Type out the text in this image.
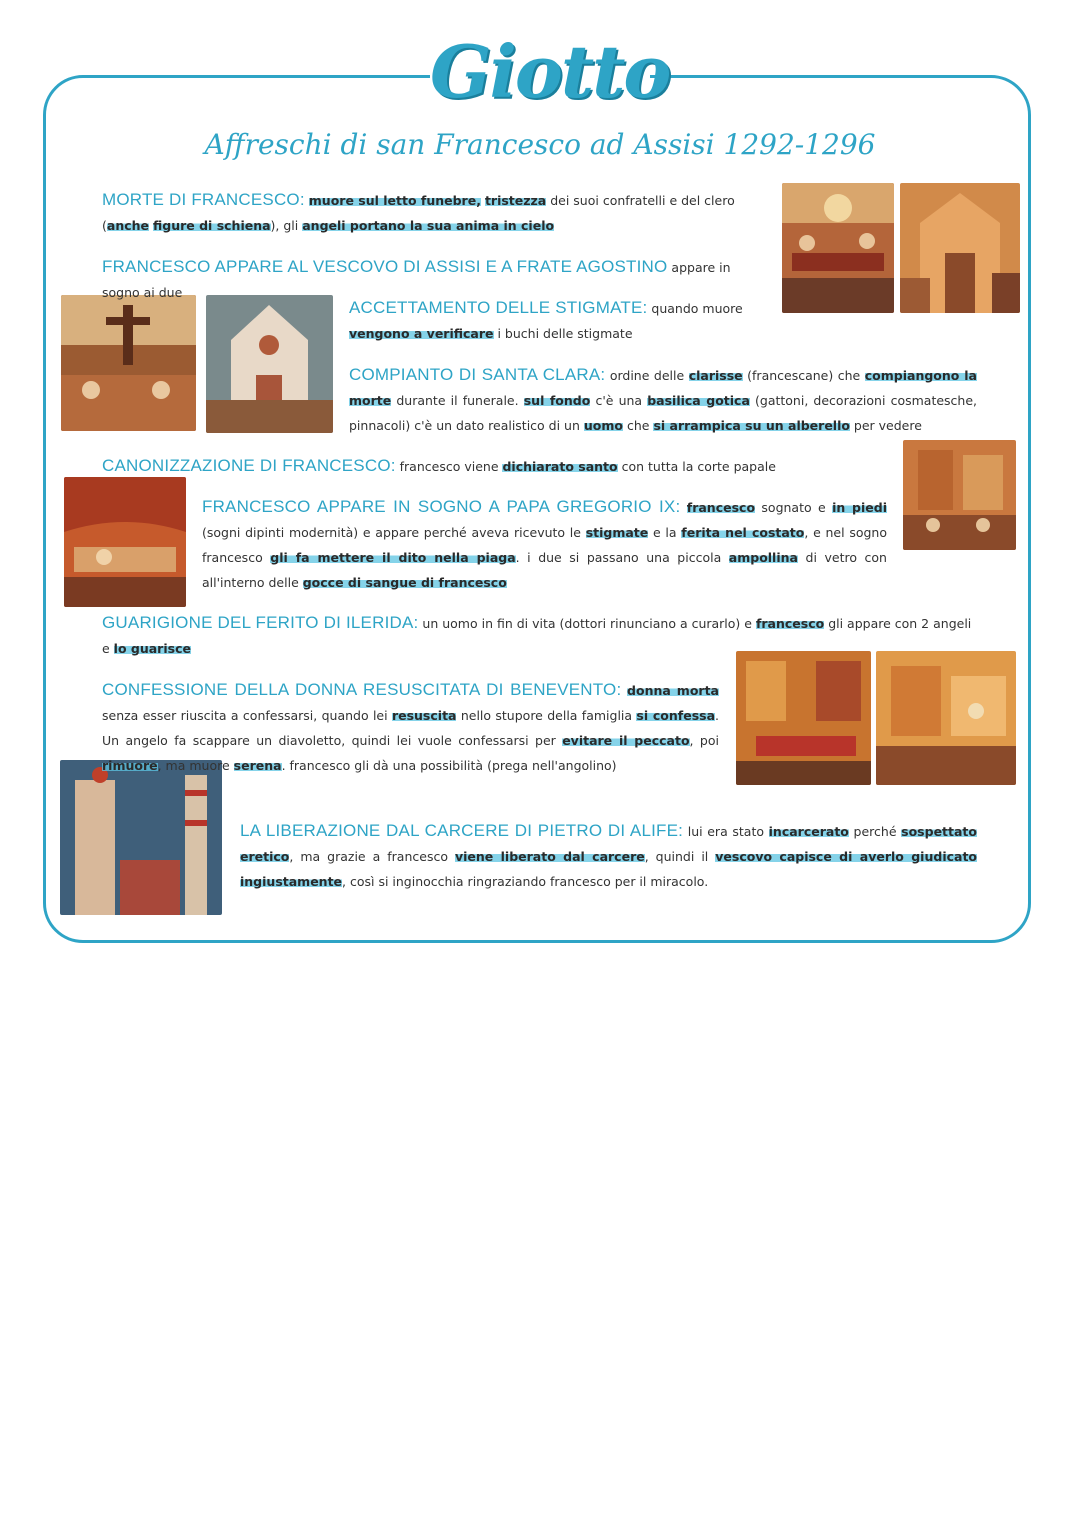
Giotto
Affreschi di san Francesco ad Assisi 1292-1296
MORTE DI FRANCESCO: muore sul letto funebre, tristezza dei suoi confratelli e del clero (anche figure di schiena), gli angeli portano la sua anima in cielo
FRANCESCO APPARE AL VESCOVO DI ASSISI E A FRATE AGOSTINO appare in sogno ai due
ACCETTAMENTO DELLE STIGMATE: quando muore vengono a verificare i buchi delle stigmate
COMPIANTO DI SANTA CLARA: ordine delle clarisse (francescane) che compiangono la morte durante il funerale. sul fondo c'è una basilica gotica (gattoni, decorazioni cosmatesche, pinnacoli) c'è un dato realistico di un uomo che si arrampica su un alberello per vedere
CANONIZZAZIONE DI FRANCESCO: francesco viene dichiarato santo con tutta la corte papale
FRANCESCO APPARE IN SOGNO A PAPA GREGORIO IX: francesco sognato e in piedi (sogni dipinti modernità) e appare perché aveva ricevuto le stigmate e la ferita nel costato, e nel sogno francesco gli fa mettere il dito nella piaga. i due si passano una piccola ampollina di vetro con all'interno delle gocce di sangue di francesco
GUARIGIONE DEL FERITO DI ILERIDA: un uomo in fin di vita (dottori rinunciano a curarlo) e francesco gli appare con 2 angeli e lo guarisce
CONFESSIONE DELLA DONNA RESUSCITATA DI BENEVENTO: donna morta senza esser riuscita a confessarsi, quando lei resuscita nello stupore della famiglia si confessa. Un angelo fa scappare un diavoletto, quindi lei vuole confessarsi per evitare il peccato, poi rimuore, ma muore serena. francesco gli dà una possibilità (prega nell'angolino)
LA LIBERAZIONE DAL CARCERE DI PIETRO DI ALIFE: lui era stato incarcerato perché sospettato eretico, ma grazie a francesco viene liberato dal carcere, quindi il vescovo capisce di averlo giudicato ingiustamente, così si inginocchia ringraziando francesco per il miracolo.
